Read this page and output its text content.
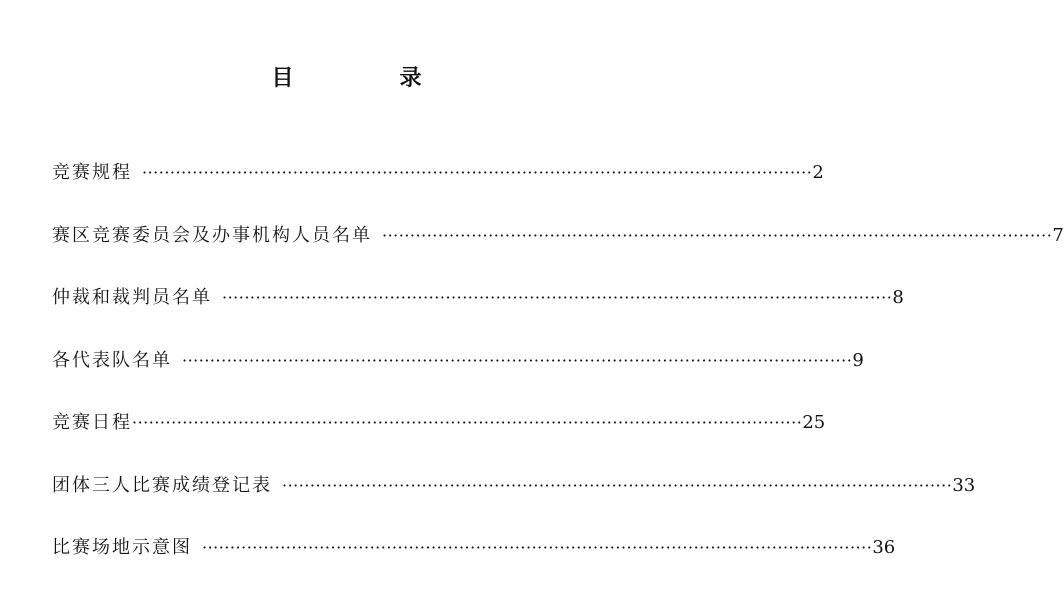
目　录
竞赛规程 ························································································································ 2
赛区竞赛委员会及办事机构人员名单 ························································································································ 7
仲裁和裁判员名单 ························································································································ 8
各代表队名单 ························································································································ 9
竞赛日程 ························································································································ 25
团体三人比赛成绩登记表 ························································································································ 33
比赛场地示意图 ························································································································ 36
